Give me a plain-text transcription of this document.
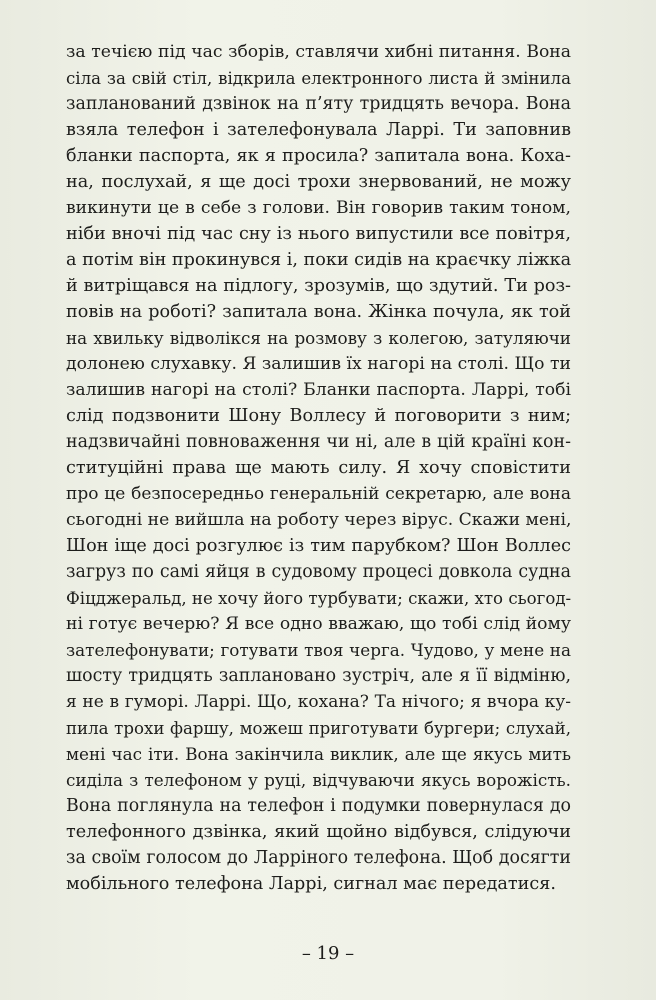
за течією під час зборів, ставлячи хибні питання. Вона
сіла за свій стіл, відкрила електронного листа й змінила
запланований дзвінок на п’яту тридцять вечора. Вона
взяла телефон і зателефонувала Ларрі. Ти заповнив
бланки паспорта, як я просила? запитала вона. Коха-
на, послухай, я ще досі трохи знервований, не можу
викинути це в себе з голови. Він говорив таким тоном,
ніби вночі під час сну із нього випустили все повітря,
а потім він прокинувся і, поки сидів на краєчку ліжка
й витріщався на підлогу, зрозумів, що здутий. Ти роз-
повів на роботі? запитала вона. Жінка почула, як той
на хвильку відволікся на розмову з колегою, затуляючи
долонею слухавку. Я залишив їх нагорі на столі. Що ти
залишив нагорі на столі? Бланки паспорта. Ларрі, тобі
слід подзвонити Шону Воллесу й поговорити з ним;
надзвичайні повноваження чи ні, але в цій країні кон-
ституційні права ще мають силу. Я хочу сповістити
про це безпосередньо генеральній секретарю, але вона
сьогодні не вийшла на роботу через вірус. Скажи мені,
Шон іще досі розгулює із тим парубком? Шон Воллес
загруз по самі яйця в судовому процесі довкола судна
Фіцджеральд, не хочу його турбувати; скажи, хто сьогод-
ні готує вечерю? Я все одно вважаю, що тобі слід йому
зателефонувати; готувати твоя черга. Чудово, у мене на
шосту тридцять заплановано зустріч, але я її відміню,
я не в гуморі. Ларрі. Що, кохана? Та нічого; я вчора ку-
пила трохи фаршу, можеш приготувати бургери; слухай,
мені час іти. Вона закінчила виклик, але ще якусь мить
сиділа з телефоном у руці, відчуваючи якусь ворожість.
Вона поглянула на телефон і подумки повернулася до
телефонного дзвінка, який щойно відбувся, слідуючи
за своїм голосом до Ларріного телефона. Щоб досягти
мобільного телефона Ларрі, сигнал має передатися.
– 19 –
